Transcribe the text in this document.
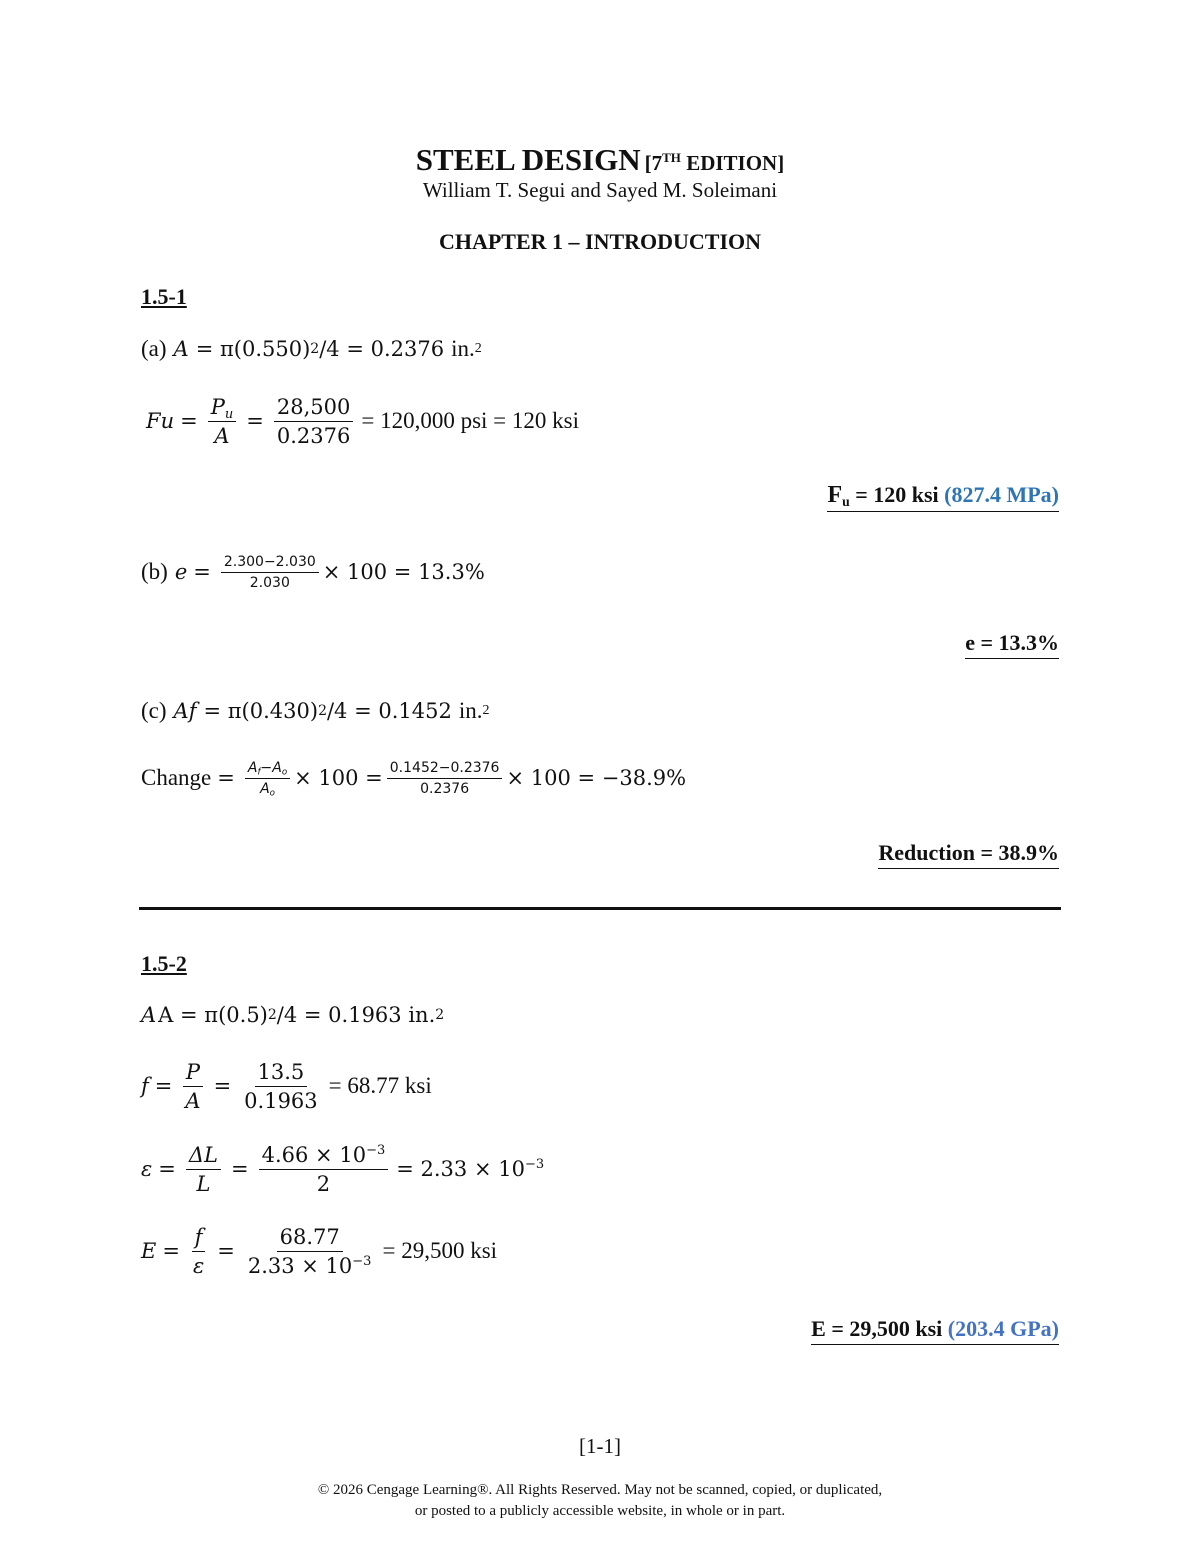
STEEL DESIGN [7TH EDITION]
William T. Segui and Sayed M. Soleimani
CHAPTER 1 – INTRODUCTION
1.5-1
(a) A = π(0.550) 2 /4 = 0.2376 in. 2
F $u = \frac{P_u}{A} = \frac{28,500}{0.2376} = 120,000$ psi = 120 ksi
$F_u = 120$ ksi (827.4 MPa)
(b) $e = \frac{2.300-2.030}{2.030} \times 100 = 13.3\%$
e = 13.3%
(c) A f = π(0.430) 2 /4 = 0.1452 in. 2
Change = $\frac{A_f-A_o}{A_o} \times 100 = \frac{0.1452-0.2376}{0.2376} \times 100 = -38.9\%$
Reduction = 38.9%
1.5-2
A A = π(0.5) 2 /4 = 0.1963 in. 2
$f = \frac{P}{A} = \frac{13.5}{0.1963} = 68.77$ ksi
$\varepsilon = \frac{\Delta L}{L} = \frac{4.66 \times 10^{-3}}{2} = 2.33 \times 10^{-3}$
$E = \frac{f}{\varepsilon} = \frac{68.77}{2.33 \times 10^{-3}} = 29,500$ ksi
E = 29,500 ksi (203.4 GPa)
[1-1]
© 2026 Cengage Learning®. All Rights Reserved. May not be scanned, copied, or duplicated,
or posted to a publicly accessible website, in whole or in part.
